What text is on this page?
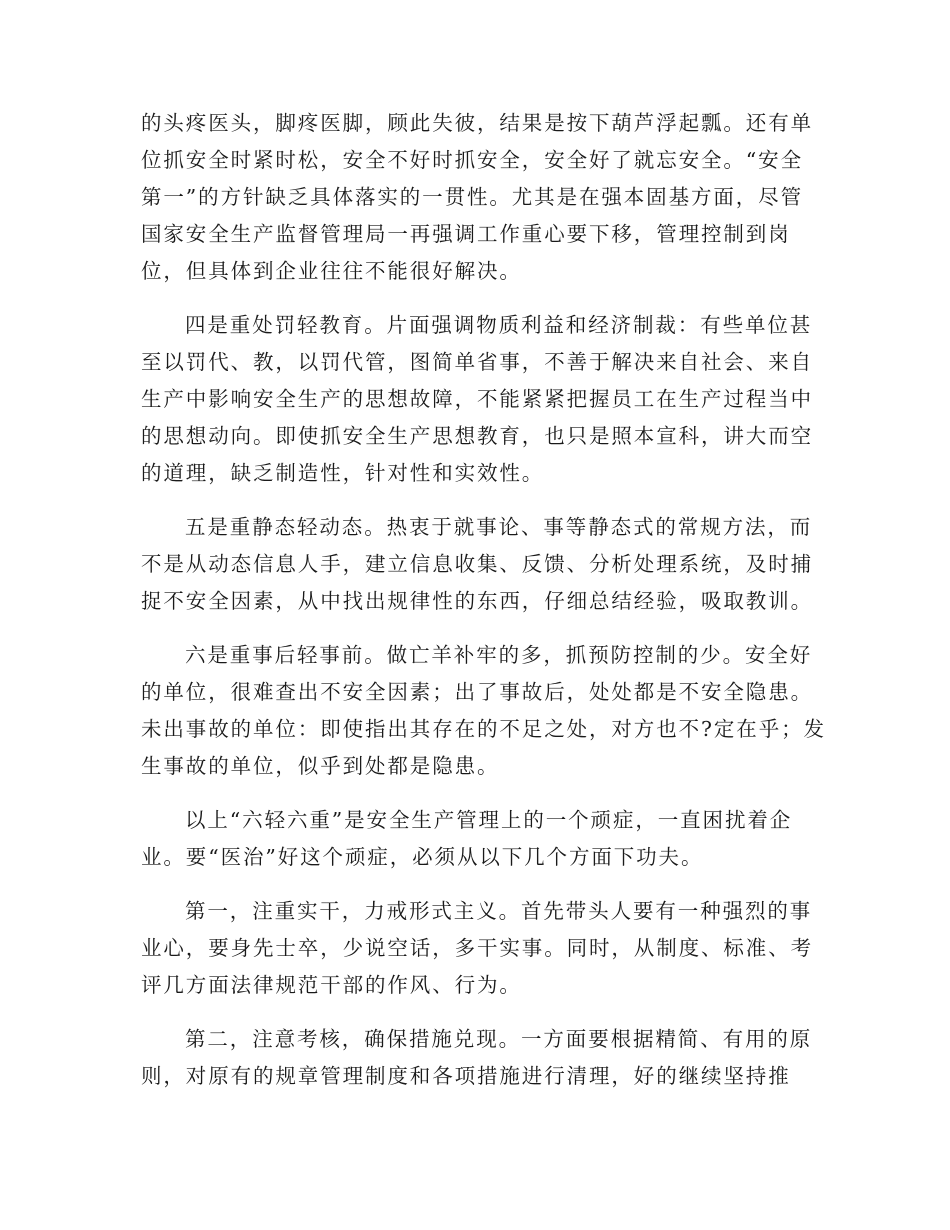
的头疼医头，脚疼医脚，顾此失彼，结果是按下葫芦浮起瓢。还有单
位抓安全时紧时松，安全不好时抓安全，安全好了就忘安全。“安全
第一”的方针缺乏具体落实的一贯性。尤其是在强本固基方面，尽管
国家安全生产监督管理局一再强调工作重心要下移，管理控制到岗
位，但具体到企业往往不能很好解决。

四是重处罚轻教育。片面强调物质利益和经济制裁：有些单位甚
至以罚代、教，以罚代管，图简单省事，不善于解决来自社会、来自
生产中影响安全生产的思想故障，不能紧紧把握员工在生产过程当中
的思想动向。即使抓安全生产思想教育，也只是照本宣科，讲大而空
的道理，缺乏制造性，针对性和实效性。

五是重静态轻动态。热衷于就事论、事等静态式的常规方法，而
不是从动态信息人手，建立信息收集、反馈、分析处理系统，及时捕
捉不安全因素，从中找出规律性的东西，仔细总结经验，吸取教训。

六是重事后轻事前。做亡羊补牢的多，抓预防控制的少。安全好
的单位，很难查出不安全因素；出了事故后，处处都是不安全隐患。
未出事故的单位：即使指出其存在的不足之处，对方也不?定在乎；发
生事故的单位，似乎到处都是隐患。

以上“六轻六重”是安全生产管理上的一个顽症，一直困扰着企
业。要“医治”好这个顽症，必须从以下几个方面下功夫。

第一，注重实干，力戒形式主义。首先带头人要有一种强烈的事
业心，要身先士卒，少说空话，多干实事。同时，从制度、标准、考
评几方面法律规范干部的作风、行为。

第二，注意考核，确保措施兑现。一方面要根据精简、有用的原
则，对原有的规章管理制度和各项措施进行清理，好的继续坚持推
